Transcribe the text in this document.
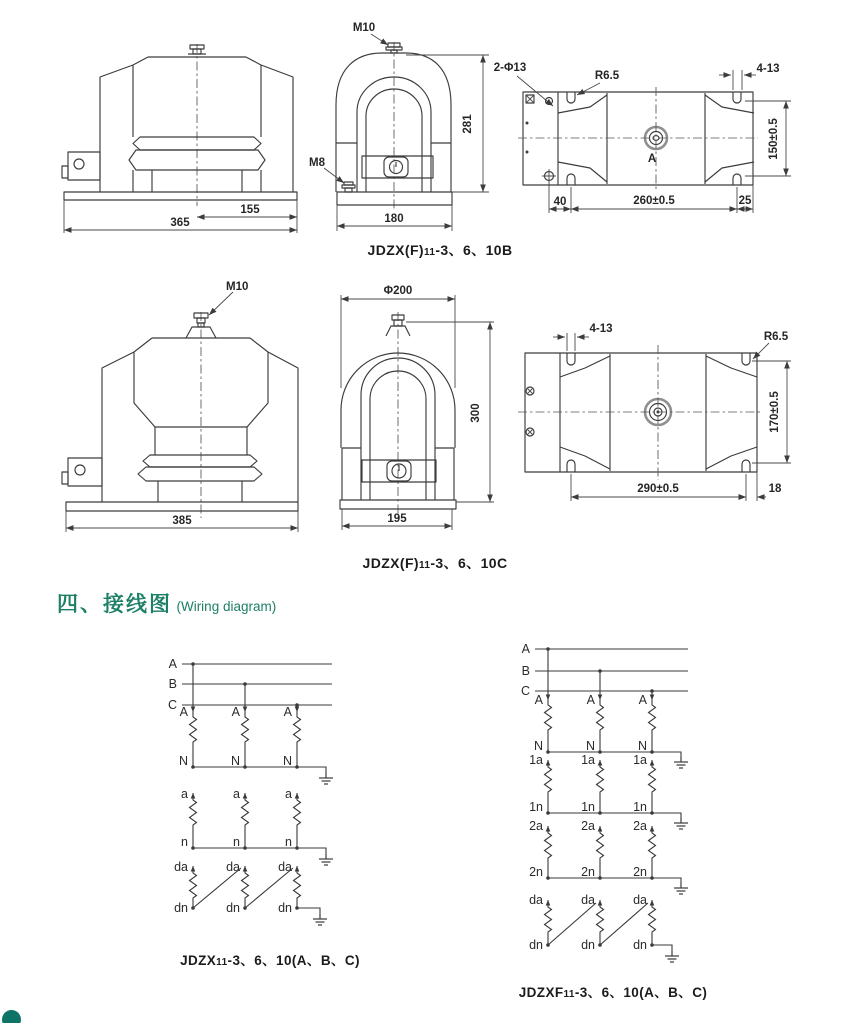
155
365
M10
M8
281
180
2-Φ13
R6.5
4-13
150±0.5
40	260±0.5	25
A
M10
385
Φ200
300
195
4-13
R6.5
170±0.5
290±0.5	18
A
B
C A	A	A
N	N	N
a	a	a
n	n	n
da	da	da
dn	dn	dn
A
B
C
A	A	A
N	N	N
1a	1a	1a
1n	1n	1n
2a	2a	2a
2n	2n	2n
da	da	da
dn	dn	dn
JDZX(F)11-3、6、10B
JDZX(F)11-3、6、10C
四、接线图 (Wiring diagram)
JDZX11-3、6、10(A、B、C)
JDZXF11-3、6、10(A、B、C)
